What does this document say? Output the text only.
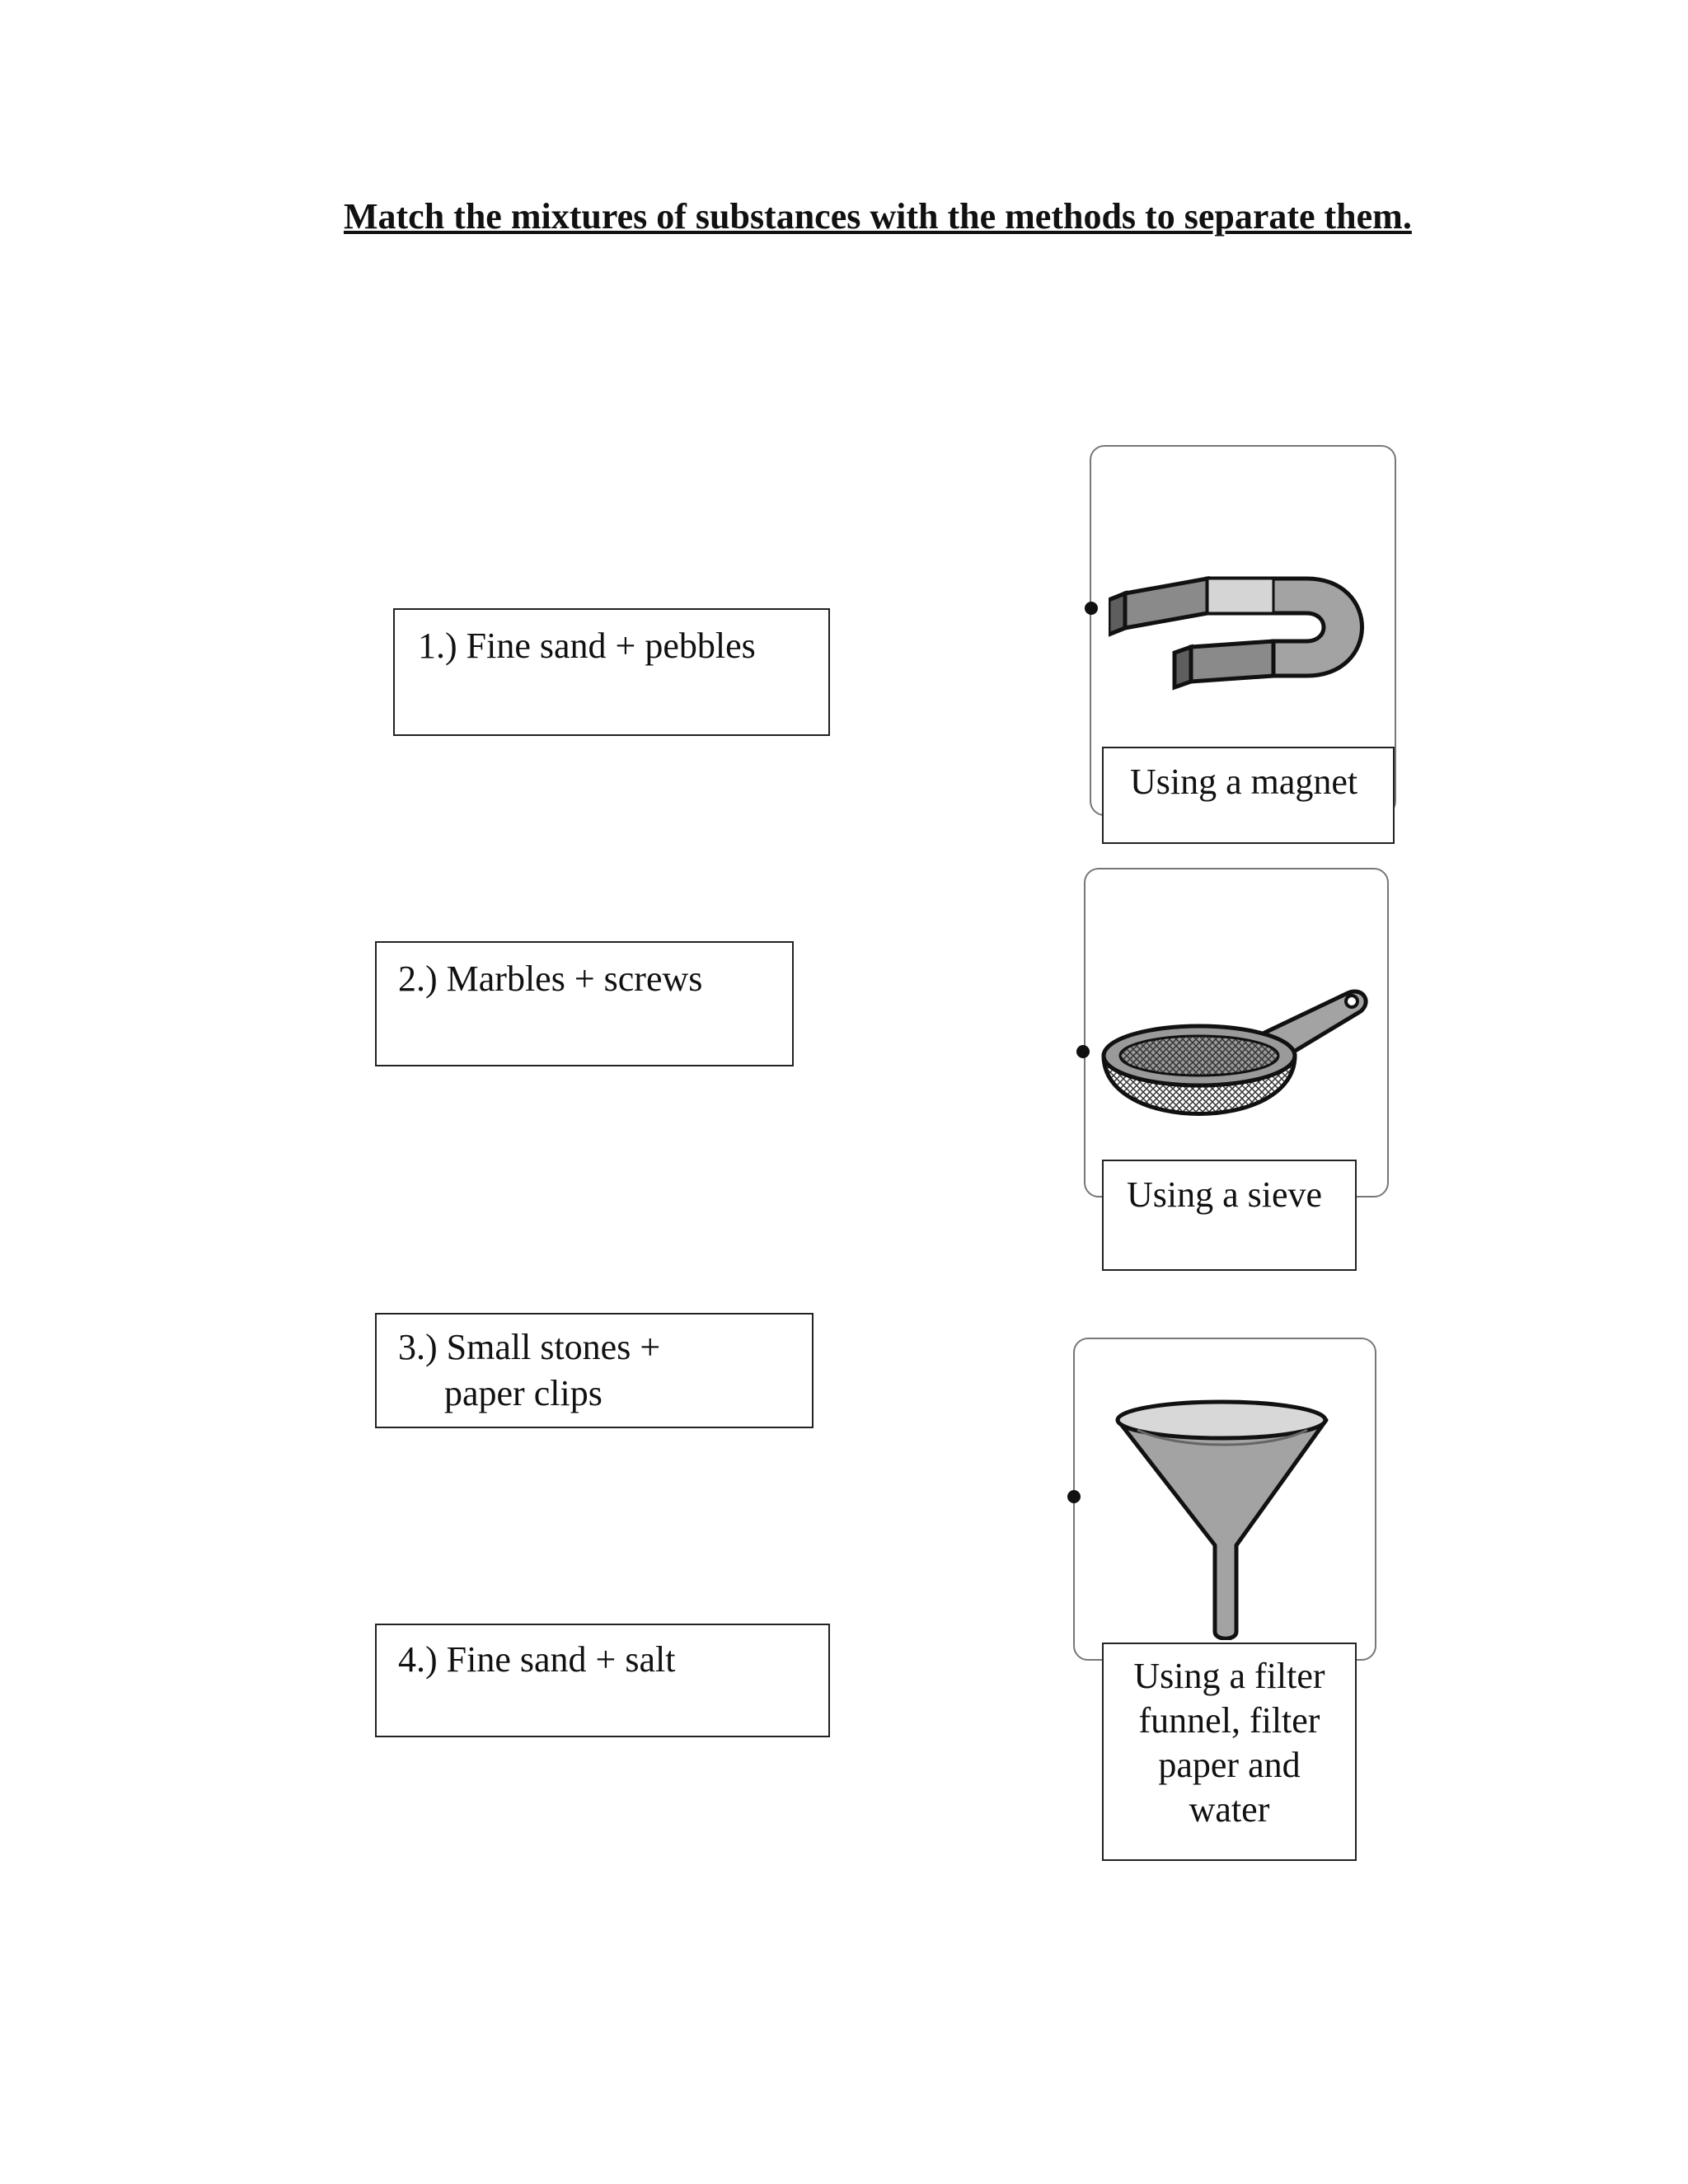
Match the mixtures of substances with the methods to separate them.
1.) Fine sand + pebbles
2.) Marbles + screws
3.) Small stones +
paper clips
4.) Fine sand + salt
Using a magnet
Using a sieve
Using a filter
funnel, filter
paper and
water
